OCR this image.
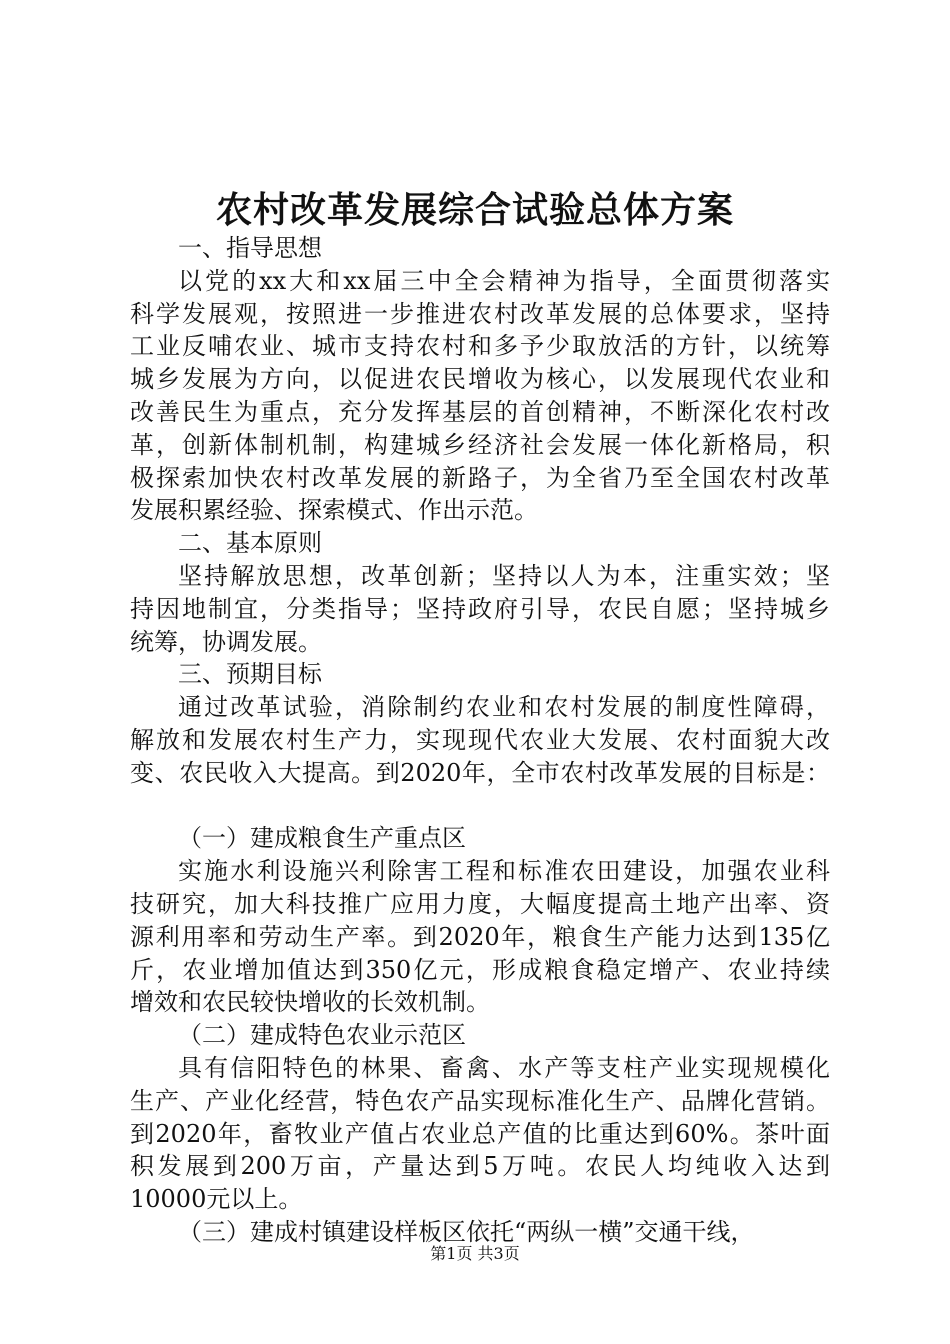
农村改革发展综合试验总体方案
一、指导思想
以党的xx大和xx届三中全会精神为指导，全面贯彻落实
科学发展观，按照进一步推进农村改革发展的总体要求，坚持
工业反哺农业、城市支持农村和多予少取放活的方针，以统筹
城乡发展为方向，以促进农民增收为核心，以发展现代农业和
改善民生为重点，充分发挥基层的首创精神，不断深化农村改
革，创新体制机制，构建城乡经济社会发展一体化新格局，积
极探索加快农村改革发展的新路子，为全省乃至全国农村改革
发展积累经验、探索模式、作出示范。
二、基本原则
坚持解放思想，改革创新；坚持以人为本，注重实效；坚
持因地制宜，分类指导；坚持政府引导，农民自愿；坚持城乡
统筹，协调发展。
三、预期目标
通过改革试验，消除制约农业和农村发展的制度性障碍，
解放和发展农村生产力，实现现代农业大发展、农村面貌大改
变、农民收入大提高。到2020年，全市农村改革发展的目标是：
（一）建成粮食生产重点区
实施水利设施兴利除害工程和标准农田建设，加强农业科
技研究，加大科技推广应用力度，大幅度提高土地产出率、资
源利用率和劳动生产率。到2020年，粮食生产能力达到135亿
斤，农业增加值达到350亿元，形成粮食稳定增产、农业持续
增效和农民较快增收的长效机制。
（二）建成特色农业示范区
具有信阳特色的林果、畜禽、水产等支柱产业实现规模化
生产、产业化经营，特色农产品实现标准化生产、品牌化营销。
到2020年，畜牧业产值占农业总产值的比重达到60%。茶叶面
积发展到200万亩，产量达到5万吨。农民人均纯收入达到
10000元以上。
（三）建成村镇建设样板区依托“两纵一横”交通干线，
第1页 共3页
